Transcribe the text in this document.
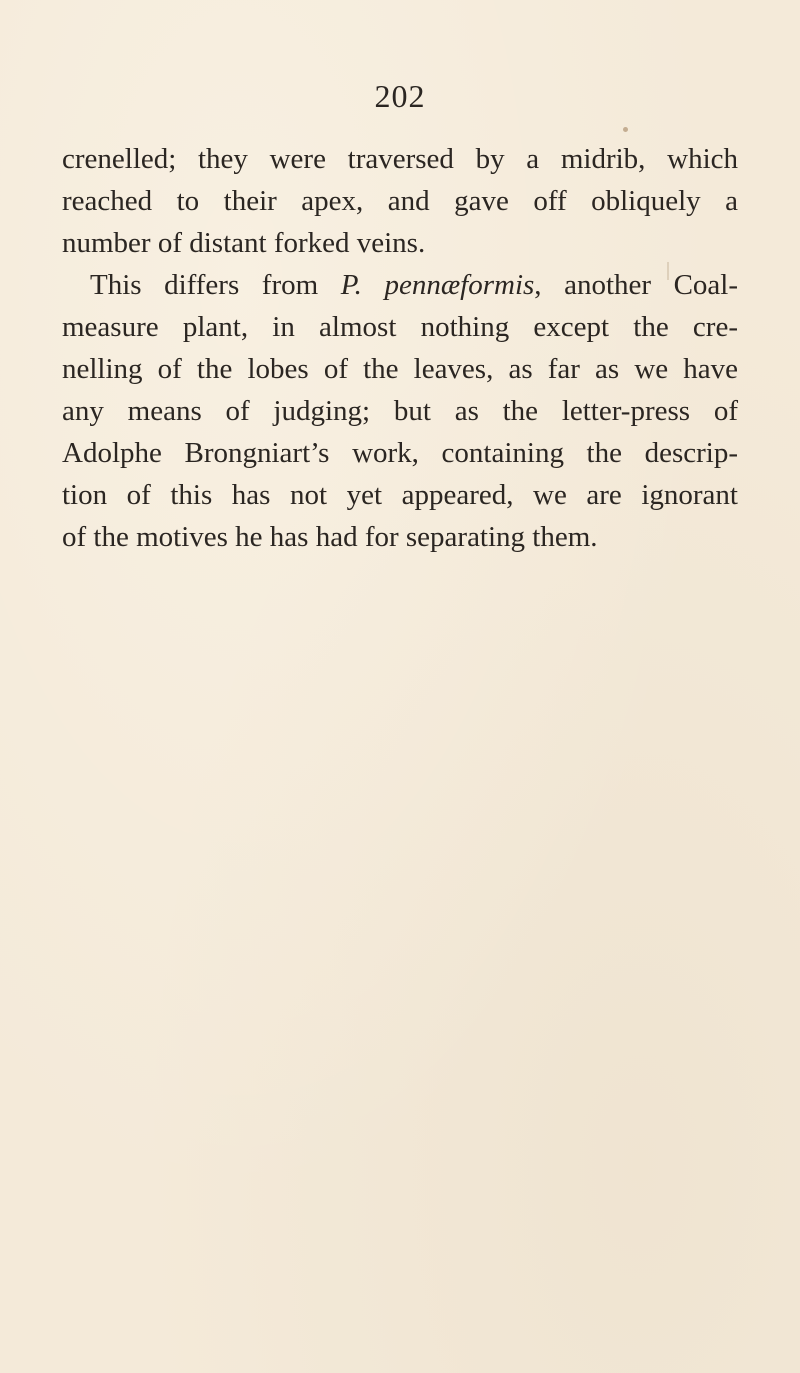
202
crenelled; they were traversed by a midrib, which
reached to their apex, and gave off obliquely a
number of distant forked veins.
This differs from P. pennæformis, another Coal-
measure plant, in almost nothing except the cre-
nelling of the lobes of the leaves, as far as we have
any means of judging; but as the letter-press of
Adolphe Brongniart’s work, containing the descrip-
tion of this has not yet appeared, we are ignorant
of the motives he has had for separating them.
